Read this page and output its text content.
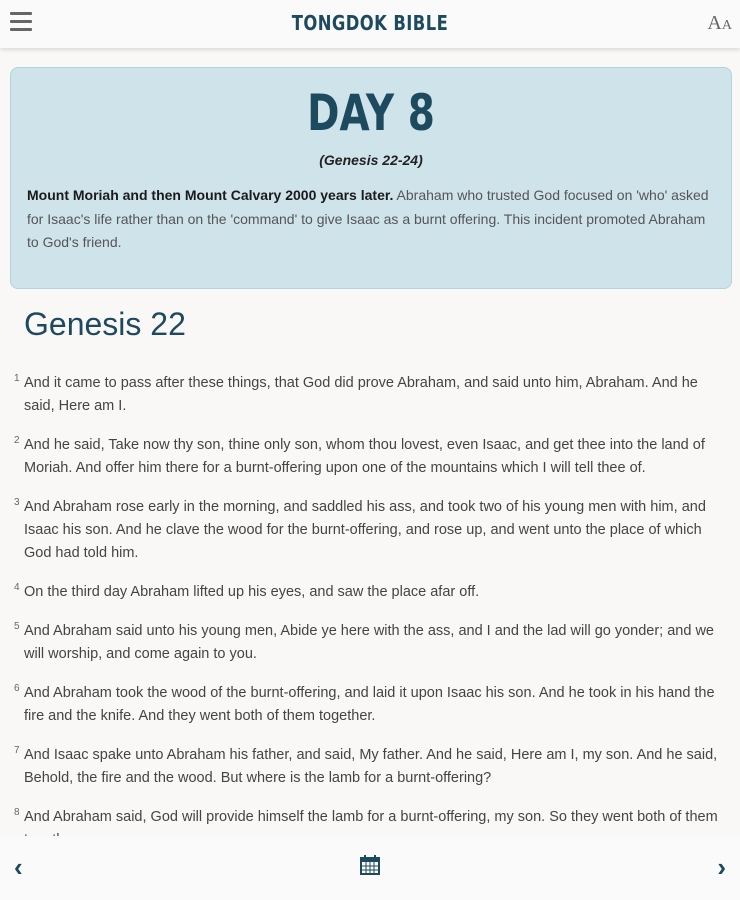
TONGDOK BIBLE	AA
DAY 8
(Genesis 22-24)
Mount Moriah and then Mount Calvary 2000 years later. Abraham who trusted God focused on 'who' asked for Isaac's life rather than on the 'command' to give Isaac as a burnt offering. This incident promoted Abraham to God's friend.
Genesis 22
1 And it came to pass after these things, that God did prove Abraham, and said unto him, Abraham. And he said, Here am I.
2 And he said, Take now thy son, thine only son, whom thou lovest, even Isaac, and get thee into the land of Moriah. And offer him there for a burnt-offering upon one of the mountains which I will tell thee of.
3 And Abraham rose early in the morning, and saddled his ass, and took two of his young men with him, and Isaac his son. And he clave the wood for the burnt-offering, and rose up, and went unto the place of which God had told him.
4 On the third day Abraham lifted up his eyes, and saw the place afar off.
5 And Abraham said unto his young men, Abide ye here with the ass, and I and the lad will go yonder; and we will worship, and come again to you.
6 And Abraham took the wood of the burnt-offering, and laid it upon Isaac his son. And he took in his hand the fire and the knife. And they went both of them together.
7 And Isaac spake unto Abraham his father, and said, My father. And he said, Here am I, my son. And he said, Behold, the fire and the wood. But where is the lamb for a burnt-offering?
8 And Abraham said, God will provide himself the lamb for a burnt-offering, my son. So they went both of them
‹	›
